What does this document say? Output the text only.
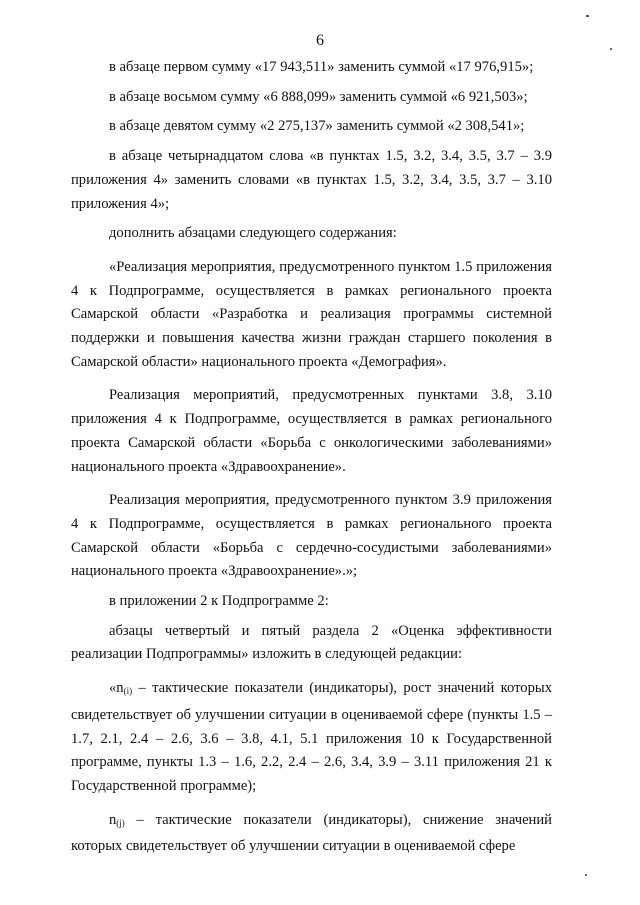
6

в абзаце первом сумму «17 943,511» заменить суммой «17 976,915»;

в абзаце восьмом сумму «6 888,099» заменить суммой «6 921,503»;

в абзаце девятом сумму «2 275,137» заменить суммой «2 308,541»;

в абзаце четырнадцатом слова «в пунктах 1.5, 3.2, 3.4, 3.5, 3.7 – 3.9 приложения 4» заменить словами «в пунктах 1.5, 3.2, 3.4, 3.5, 3.7 – 3.10 приложения 4»;

дополнить абзацами следующего содержания:

«Реализация мероприятия, предусмотренного пунктом 1.5 приложения 4 к Подпрограмме, осуществляется в рамках регионального проекта Самарской области «Разработка и реализация программы системной поддержки и повышения качества жизни граждан старшего поколения в Самарской области» национального проекта «Демография».

Реализация мероприятий, предусмотренных пунктами 3.8, 3.10 приложения 4 к Подпрограмме, осуществляется в рамках регионального проекта Самарской области «Борьба с онкологическими заболеваниями» национального проекта «Здравоохранение».

Реализация мероприятия, предусмотренного пунктом 3.9 приложения 4 к Подпрограмме, осуществляется в рамках регионального проекта Самарской области «Борьба с сердечно-сосудистыми заболеваниями» национального проекта «Здравоохранение».»;

в приложении 2 к Подпрограмме 2:

абзацы четвертый и пятый раздела 2 «Оценка эффективности реализации Подпрограммы» изложить в следующей редакции:

«$n_{(i)}$ – тактические показатели (индикаторы), рост значений которых свидетельствует об улучшении ситуации в оцениваемой сфере (пункты 1.5 – 1.7, 2.1, 2.4 – 2.6, 3.6 – 3.8, 4.1, 5.1 приложения 10 к Государственной программе, пункты 1.3 – 1.6, 2.2, 2.4 – 2.6, 3.4, 3.9 – 3.11 приложения 21 к Государственной программе);

$n_{(j)}$ – тактические показатели (индикаторы), снижение значений которых свидетельствует об улучшении ситуации в оцениваемой сфере
